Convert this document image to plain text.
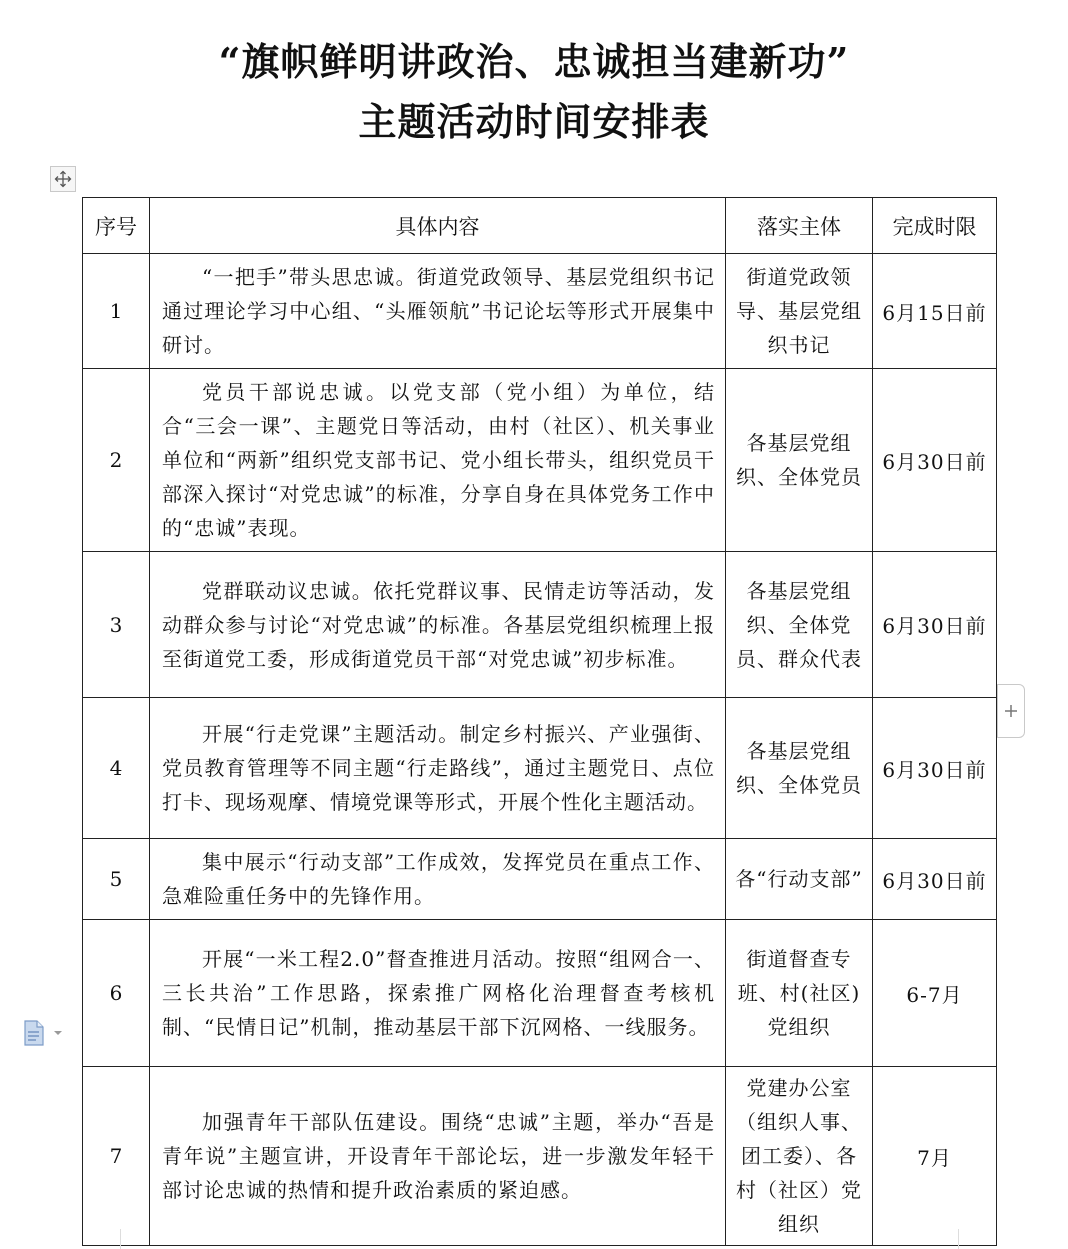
“旗帜鲜明讲政治、忠诚担当建新功”
主题活动时间安排表
序号	具体内容	落实主体	完成时限
1	“一把手”带头思忠诚。街道党政领导、基层党组织书记通过理论学习中心组、“头雁领航”书记论坛等形式开展集中研讨。	街道党政领导、基层党组织书记	6月15日前
2	党员干部说忠诚。以党支部（党小组）为单位，结合“三会一课”、主题党日等活动，由村（社区）、机关事业单位和“两新”组织党支部书记、党小组长带头，组织党员干部深入探讨“对党忠诚”的标准，分享自身在具体党务工作中的“忠诚”表现。	各基层党组织、全体党员	6月30日前
3	党群联动议忠诚。依托党群议事、民情走访等活动，发动群众参与讨论“对党忠诚”的标准。各基层党组织梳理上报至街道党工委，形成街道党员干部“对党忠诚”初步标准。	各基层党组织、全体党员、群众代表	6月30日前
4	开展“行走党课”主题活动。制定乡村振兴、产业强街、党员教育管理等不同主题“行走路线”，通过主题党日、点位打卡、现场观摩、情境党课等形式，开展个性化主题活动。	各基层党组织、全体党员	6月30日前
5	集中展示“行动支部”工作成效，发挥党员在重点工作、急难险重任务中的先锋作用。	各“行动支部”	6月30日前
6	开展“一米工程2.0”督查推进月活动。按照“组网合一、三长共治”工作思路，探索推广网格化治理督查考核机制、“民情日记”机制，推动基层干部下沉网格、一线服务。	街道督查专班、村(社区)党组织	6-7月
7	加强青年干部队伍建设。围绕“忠诚”主题，举办“吾是青年说”主题宣讲，开设青年干部论坛，进一步激发年轻干部讨论忠诚的热情和提升政治素质的紧迫感。	党建办公室（组织人事、团工委）、各村（社区）党组织	7月
